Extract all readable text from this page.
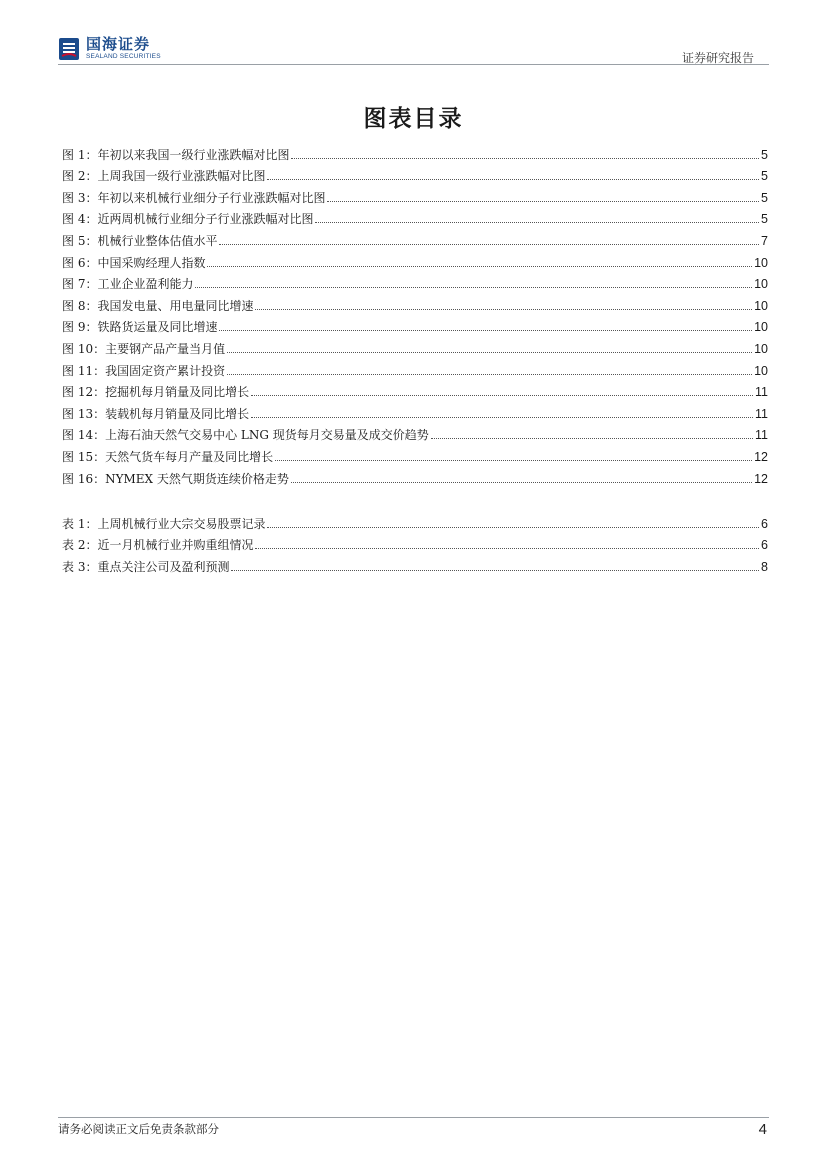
国海证券
SEALAND SECURITIES	证券研究报告
图表目录
图 1：年初以来我国一级行业涨跌幅对比图	5
图 2：上周我国一级行业涨跌幅对比图	5
图 3：年初以来机械行业细分子行业涨跌幅对比图	5
图 4：近两周机械行业细分子行业涨跌幅对比图	5
图 5：机械行业整体估值水平	7
图 6：中国采购经理人指数	10
图 7：工业企业盈利能力	10
图 8：我国发电量、用电量同比增速	10
图 9：铁路货运量及同比增速	10
图 10：主要钢产品产量当月值	10
图 11：我国固定资产累计投资	10
图 12：挖掘机每月销量及同比增长	11
图 13：装载机每月销量及同比增长	11
图 14：上海石油天然气交易中心 LNG 现货每月交易量及成交价趋势	11
图 15：天然气货车每月产量及同比增长	12
图 16：NYMEX 天然气期货连续价格走势	12
表 1：上周机械行业大宗交易股票记录	6
表 2：近一月机械行业并购重组情况	6
表 3：重点关注公司及盈利预测	8
请务必阅读正文后免责条款部分	4
